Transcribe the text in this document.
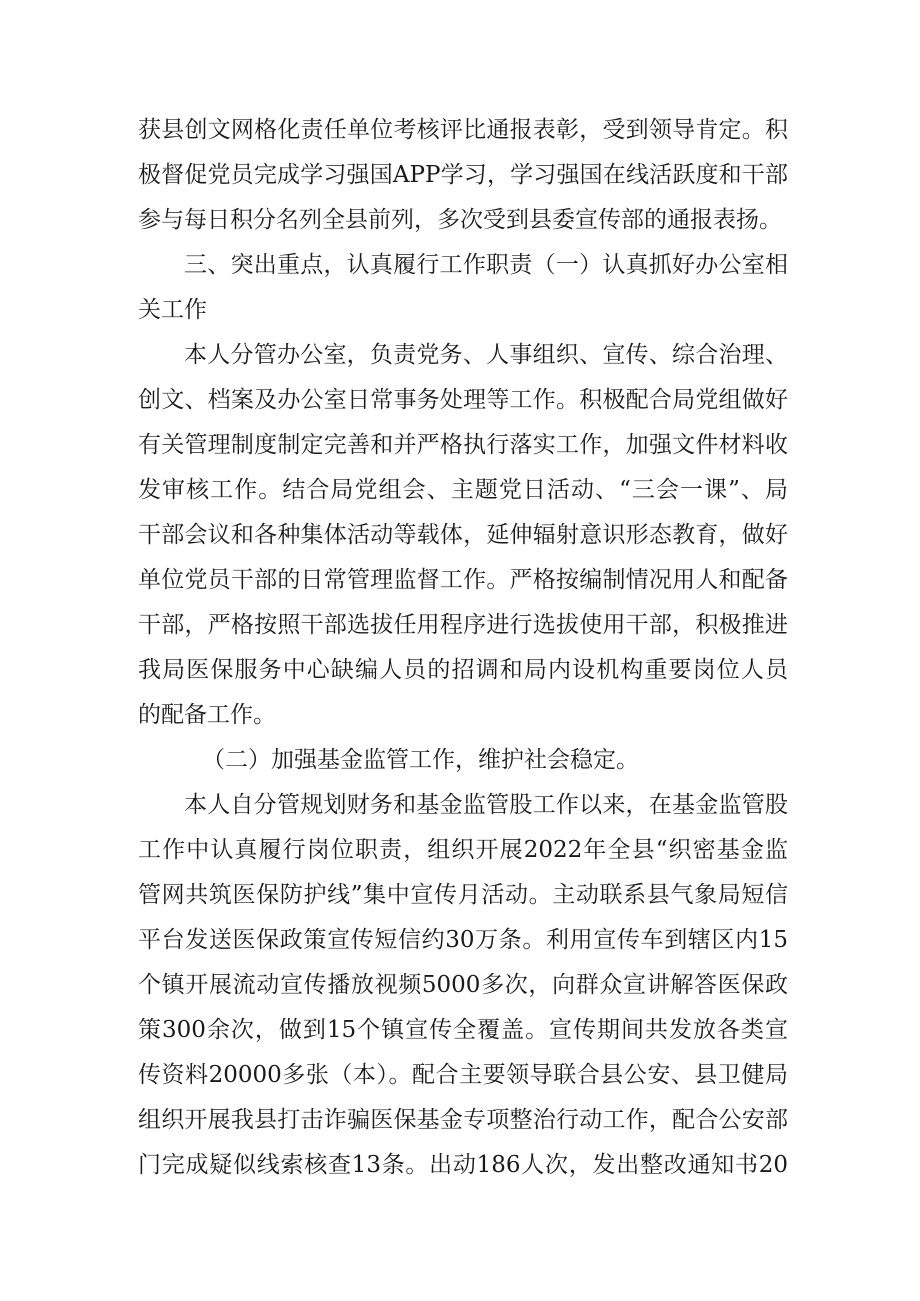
获县创文网格化责任单位考核评比通报表彰，受到领导肯定。积
极督促党员完成学习强国APP学习，学习强国在线活跃度和干部
参与每日积分名列全县前列，多次受到县委宣传部的通报表扬。
三、突出重点，认真履行工作职责（一）认真抓好办公室相
关工作
本人分管办公室，负责党务、人事组织、宣传、综合治理、
创文、档案及办公室日常事务处理等工作。积极配合局党组做好
有关管理制度制定完善和并严格执行落实工作，加强文件材料收
发审核工作。结合局党组会、主题党日活动、“三会一课”、局
干部会议和各种集体活动等载体，延伸辐射意识形态教育，做好
单位党员干部的日常管理监督工作。严格按编制情况用人和配备
干部，严格按照干部选拔任用程序进行选拔使用干部，积极推进
我局医保服务中心缺编人员的招调和局内设机构重要岗位人员
的配备工作。
（二）加强基金监管工作，维护社会稳定。
本人自分管规划财务和基金监管股工作以来，在基金监管股
工作中认真履行岗位职责，组织开展2022年全县“织密基金监
管网共筑医保防护线”集中宣传月活动。主动联系县气象局短信
平台发送医保政策宣传短信约30万条。利用宣传车到辖区内15
个镇开展流动宣传播放视频5000多次，向群众宣讲解答医保政
策300余次，做到15个镇宣传全覆盖。宣传期间共发放各类宣
传资料20000多张（本）。配合主要领导联合县公安、县卫健局
组织开展我县打击诈骗医保基金专项整治行动工作，配合公安部
门完成疑似线索核查13条。出动186人次，发出整改通知书20
